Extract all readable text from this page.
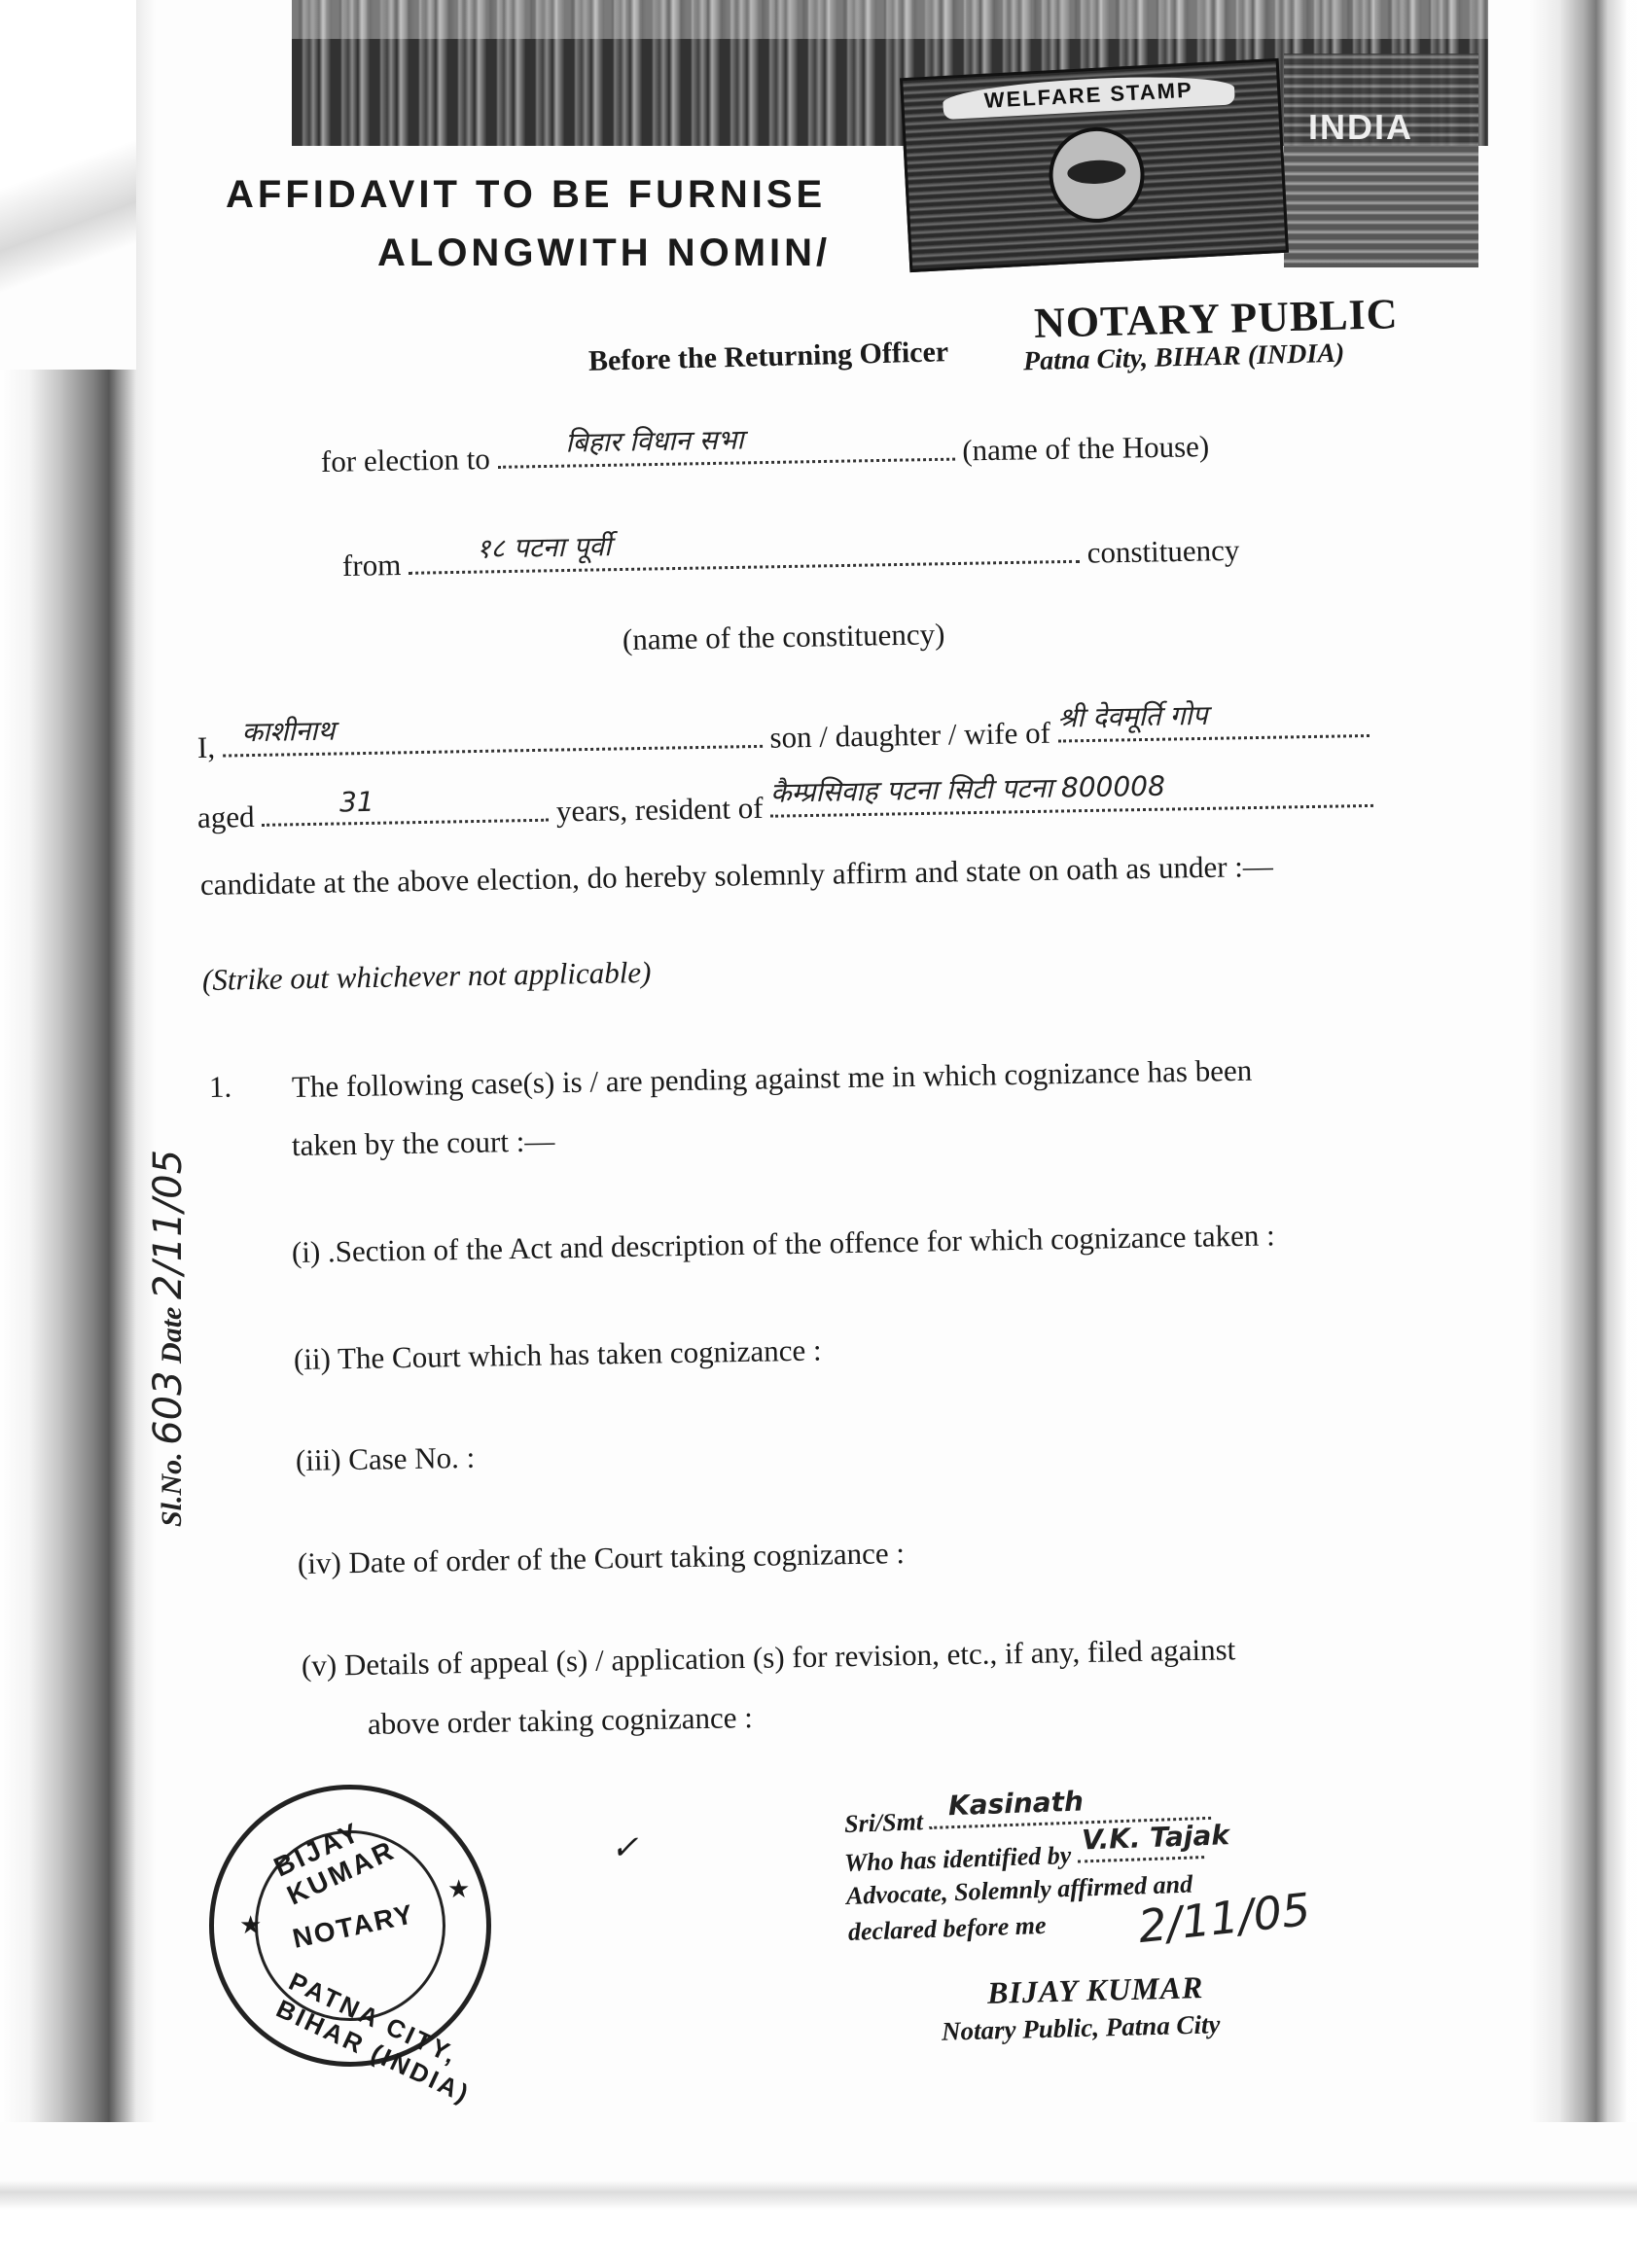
INDIA
WELFARE STAMP
AFFIDAVIT TO BE FURNISE
ALONGWITH NOMIN/
NOTARY PUBLIC
Before the Returning Officer	Patna City, BIHAR (INDIA)
for election to
बिहार विधान सभा	(name of the House)
from
१८ पटना पूर्वी	constituency
(name of the constituency)
I, काशीनाथ	son / daughter / wife of श्री देवमूर्ति गोप
aged	31	years, resident of
कैम्प्रसिवाह पटना सिटी पटना 800008
candidate at the above election, do hereby solemnly affirm and state on oath as under :—
(Strike out whichever not applicable)
1. The following case(s) is / are pending against me in which cognizance has been
taken by the court :—
(i) .Section of the Act and description of the offence for which cognizance taken :
(ii) The Court which has taken cognizance :
(iii) Case No. :
(iv) Date of order of the Court taking cognizance :
(v) Details of appeal (s) / application (s) for revision, etc., if any, filed against
above order taking cognizance :
Sl.No. 603 Date 2/11/05
BIJAY KUMAR
NOTARY
PATNA CITY, BIHAR (INDIA)
★
★
✓
Sri/Smt
Kasinath
Who has identified by
V.K. Tajak
Advocate, Solemnly affirmed and
declared before me 2/11/05
BIJAY KUMAR
Notary Public, Patna City
